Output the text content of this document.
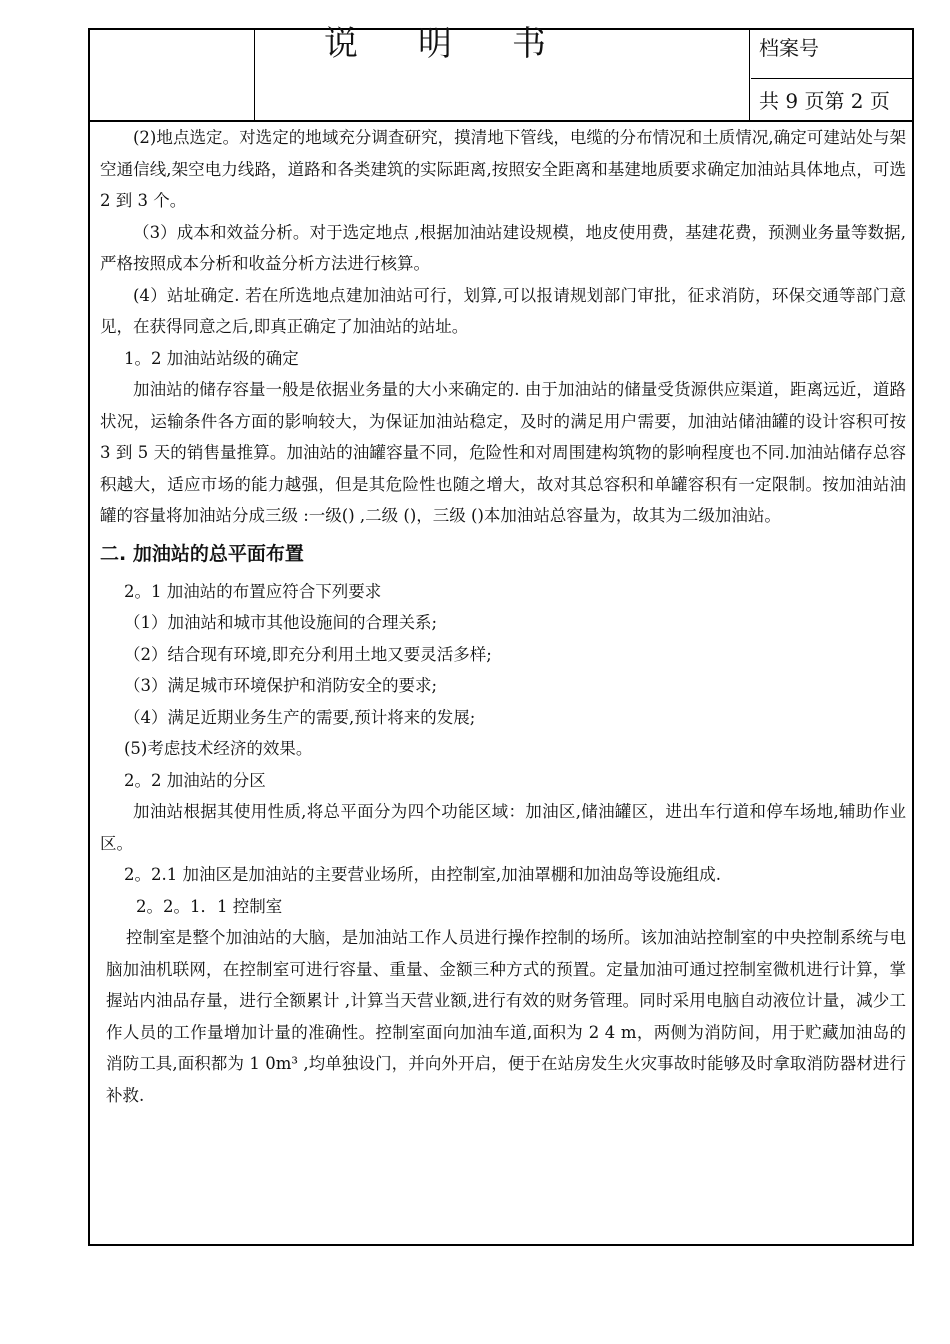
说明书	档案号
共 9 页第 2 页

(2)地点选定。对选定的地域充分调查研究，摸清地下管线，电缆的分布情况和土质情况,确定可建站处与架空通信线,架空电力线路，道路和各类建筑的实际距离,按照安全距离和基建地质要求确定加油站具体地点，可选 2 到 3 个。

（3）成本和效益分析。对于选定地点 ,根据加油站建设规模，地皮使用费，基建花费，预测业务量等数据,严格按照成本分析和收益分析方法进行核算。

(4）站址确定. 若在所选地点建加油站可行，划算,可以报请规划部门审批，征求消防，环保交通等部门意见，在获得同意之后,即真正确定了加油站的站址。

1。2 加油站站级的确定

加油站的储存容量一般是依据业务量的大小来确定的. 由于加油站的储量受货源供应渠道，距离远近，道路状况，运输条件各方面的影响较大，为保证加油站稳定，及时的满足用户需要，加油站储油罐的设计容积可按 3 到 5 天的销售量推算。加油站的油罐容量不同，危险性和对周围建构筑物的影响程度也不同.加油站储存总容积越大，适应市场的能力越强，但是其危险性也随之增大，故对其总容积和单罐容积有一定限制。按加油站油罐的容量将加油站分成三级 :一级() ,二级 ()，三级 ()本加油站总容量为，故其为二级加油站。

二. 加油站的总平面布置

2。1 加油站的布置应符合下列要求

（1）加油站和城市其他设施间的合理关系;

（2）结合现有环境,即充分利用土地又要灵活多样;

（3）满足城市环境保护和消防安全的要求;

（4）满足近期业务生产的需要,预计将来的发展;

(5)考虑技术经济的效果。

2。2 加油站的分区

加油站根据其使用性质,将总平面分为四个功能区域：加油区,储油罐区，进出车行道和停车场地,辅助作业区。

2。2.1 加油区是加油站的主要营业场所，由控制室,加油罩棚和加油岛等设施组成.

2。2。1．1 控制室

控制室是整个加油站的大脑，是加油站工作人员进行操作控制的场所。该加油站控制室的中央控制系统与电脑加油机联网，在控制室可进行容量、重量、金额三种方式的预置。定量加油可通过控制室微机进行计算，掌握站内油品存量，进行全额累计 ,计算当天营业额,进行有效的财务管理。同时采用电脑自动液位计量，减少工作人员的工作量增加计量的准确性。控制室面向加油车道,面积为 2 4 m，两侧为消防间，用于贮藏加油岛的消防工具,面积都为 1 0m³ ,均单独设门，并向外开启，便于在站房发生火灾事故时能够及时拿取消防器材进行补救.
